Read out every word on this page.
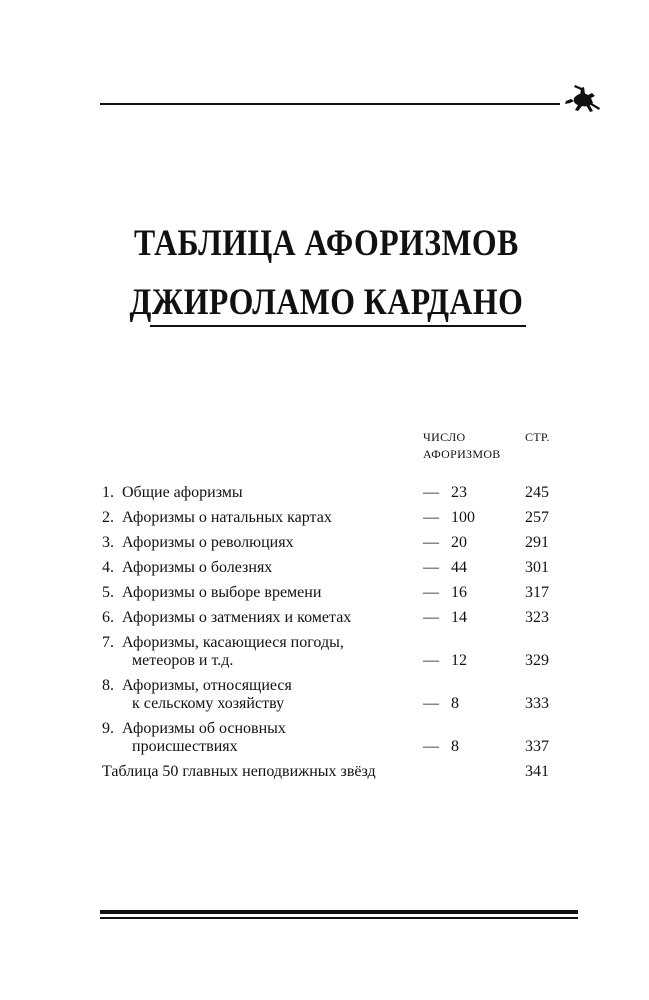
ТАБЛИЦА АФОРИЗМОВ
ДЖИРОЛАМО КАРДАНО
ЧИСЛО
АФОРИЗМОВ
СТР.
1. Общие афоризмы	— 23	245
2. Афоризмы о натальных картах	— 100	257
3. Афоризмы о революциях	— 20	291
4. Афоризмы о болезнях	— 44	301
5. Афоризмы о выборе времени	— 16	317
6. Афоризмы о затмениях и кометах	— 14	323
7. Афоризмы, касающиеся погоды,
метеоров и т.д.	— 12	329
8. Афоризмы, относящиеся
к сельскому хозяйству	— 8	333
9. Афоризмы об основных
происшествиях	— 8	337
Таблица 50 главных неподвижных звёзд	341
